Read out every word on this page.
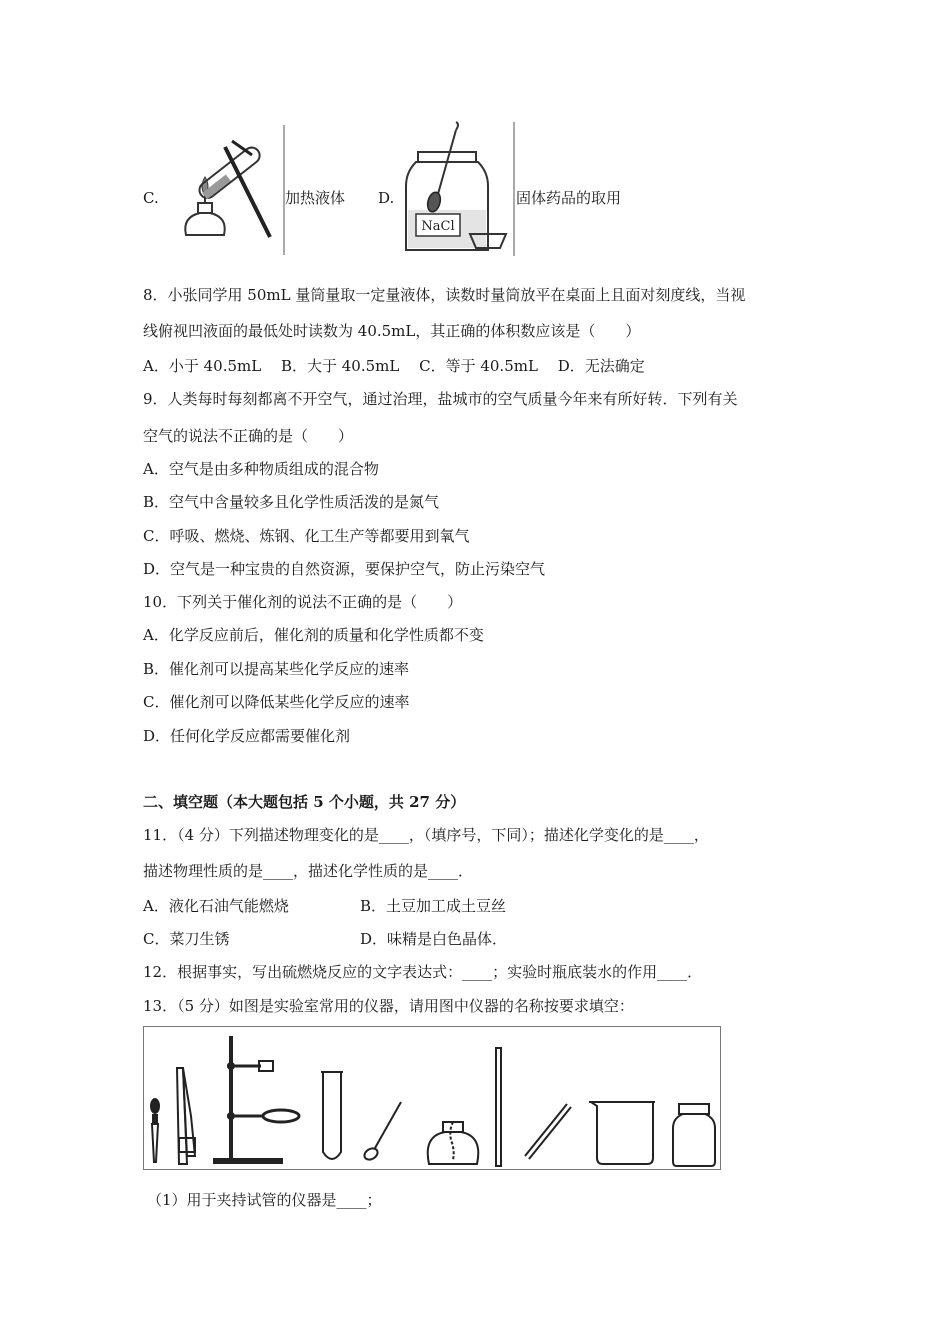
C.	加热液体 D.
NaCl
固体药品的取用
8．小张同学用 50mL 量筒量取一定量液体，读数时量筒放平在桌面上且面对刻度线，当视
线俯视凹液面的最低处时读数为 40.5mL，其正确的体积数应该是（　　）
A．小于 40.5mL　 B．大于 40.5mL　 C．等于 40.5mL　 D．无法确定
9．人类每时每刻都离不开空气，通过治理，盐城市的空气质量今年来有所好转．下列有关
空气的说法不正确的是（　　）
A．空气是由多种物质组成的混合物
B．空气中含量较多且化学性质活泼的是氮气
C．呼吸、燃烧、炼钢、化工生产等都要用到氧气
D．空气是一种宝贵的自然资源，要保护空气，防止污染空气
10．下列关于催化剂的说法不正确的是（　　）
A．化学反应前后，催化剂的质量和化学性质都不变
B．催化剂可以提高某些化学反应的速率
C．催化剂可以降低某些化学反应的速率
D．任何化学反应都需要催化剂
二、填空题（本大题包括 5 个小题，共 27 分）
11．（4 分）下列描述物理变化的是____，（填序号，下同）；描述化学变化的是____，
描述物理性质的是____，描述化学性质的是____．
A．液化石油气能燃烧	B．土豆加工成土豆丝
C．菜刀生锈	D．味精是白色晶体．
12．根据事实，写出硫燃烧反应的文字表达式：____；实验时瓶底装水的作用____．
13．（5 分）如图是实验室常用的仪器，请用图中仪器的名称按要求填空：
（1）用于夹持试管的仪器是____；
